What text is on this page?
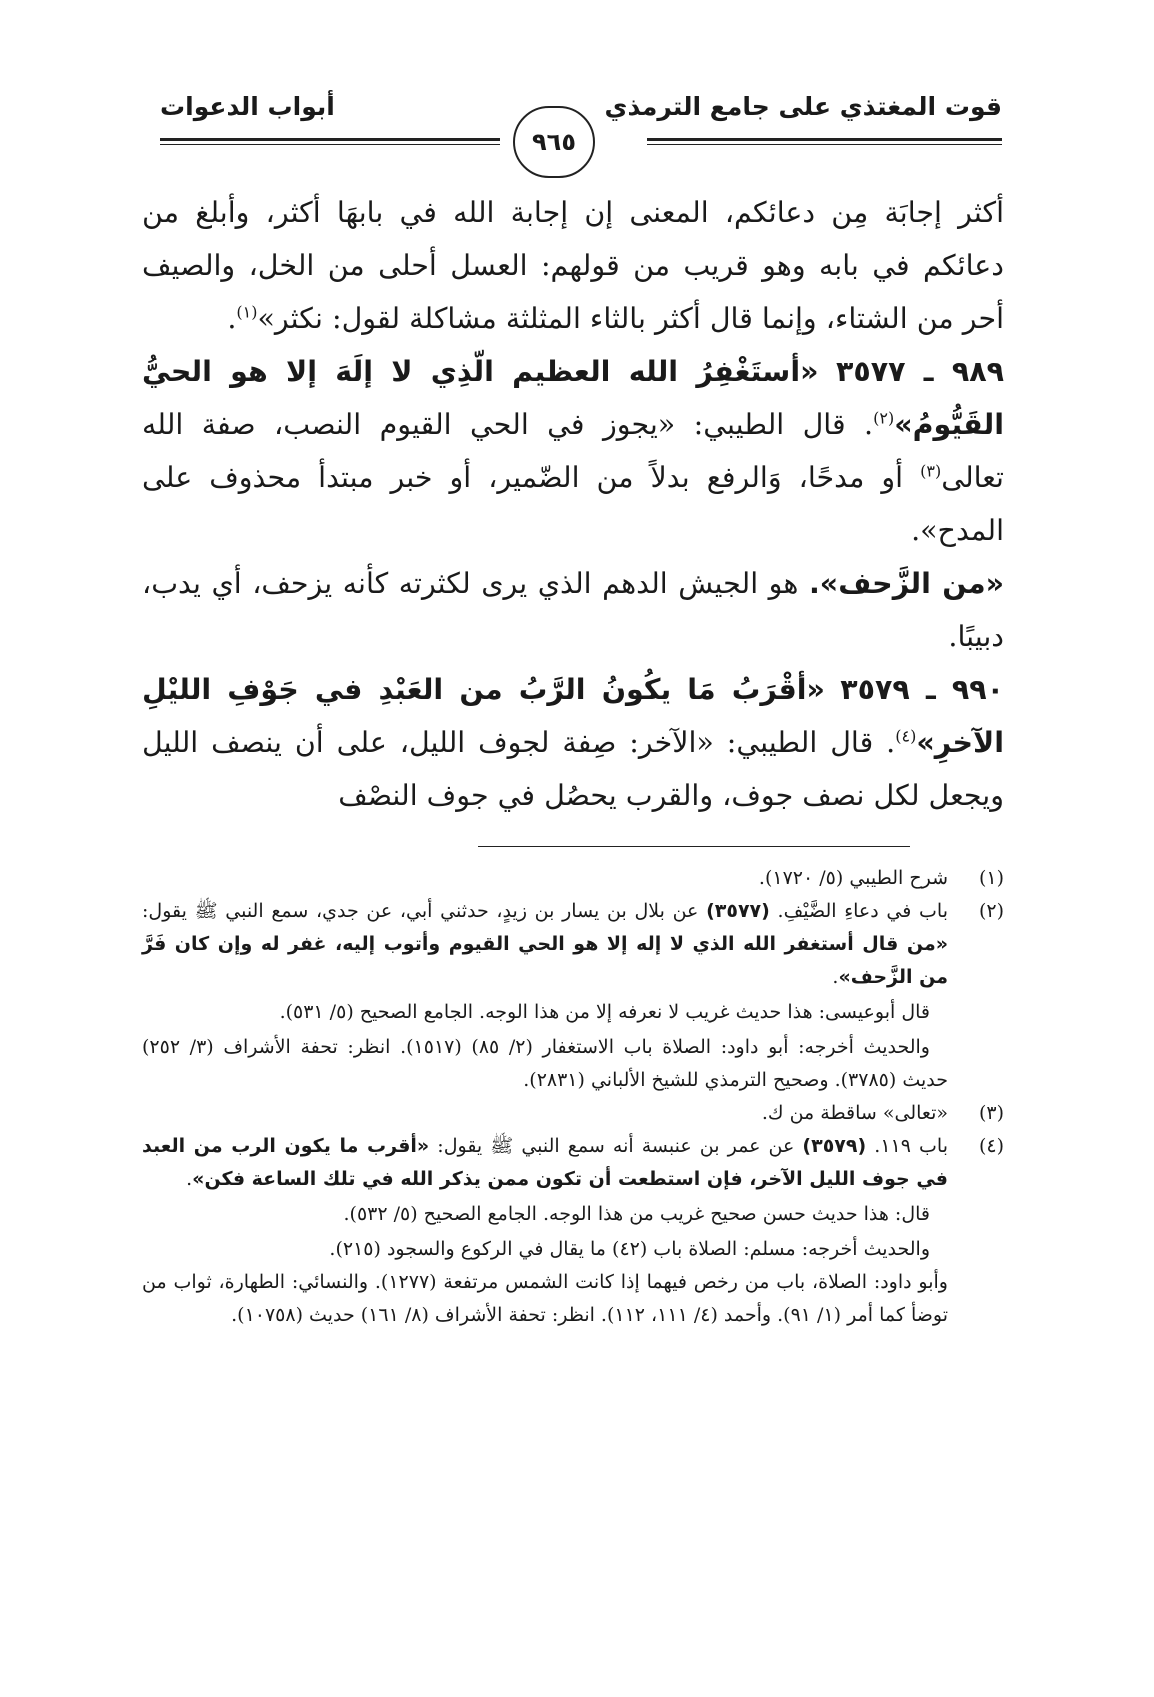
قوت المغتذي على جامع الترمذي
٩٦٥
أبواب الدعوات

أكثر إجابَة مِن دعائكم، المعنى إن إجابة الله في بابهَا أكثر، وأبلغ من دعائكم في بابه وهو قريب من قولهم: العسل أحلى من الخل، والصيف أحر من الشتاء، وإنما قال أكثر بالثاء المثلثة مشاكلة لقول: نكثر»$^{(١)}$.

٩٨٩ ـ ٣٥٧٧ «أستَغْفِرُ الله العظيم الّذِي لا إلَهَ إلا هو الحيُّ القَيُّومُ»$^{(٢)}$. قال الطيبي: «يجوز في الحي القيوم النصب، صفة الله تعالى$^{(٣)}$ أو مدحًا، وَالرفع بدلاً من الضّمير، أو خبر مبتدأ محذوف على المدح».

«من الزَّحف». هو الجيش الدهم الذي يرى لكثرته كأنه يزحف، أي يدب، دبيبًا.

٩٩٠ ـ ٣٥٧٩ «أقْرَبُ مَا يكُونُ الرَّبُ من العَبْدِ في جَوْفِ الليْلِ الآخرِ»$^{(٤)}$. قال الطيبي: «الآخر: صِفة لجوف الليل، على أن ينصف الليل ويجعل لكل نصف جوف، والقرب يحصُل في جوف النصْف

(١)
شرح الطيبي (٥/ ١٧٢٠).
(٢)
باب في دعاءِ الضَّيْفِ. (٣٥٧٧) عن بلال بن يسار بن زيدٍ، حدثني أبي، عن جدي، سمع النبي ﷺ يقول: «من قال أستغفر الله الذي لا إله إلا هو الحي القيوم وأتوب إليه، غفر له وإن كان فَرَّ من الزَّحف».

قال أبوعيسى: هذا حديث غريب لا نعرفه إلا من هذا الوجه. الجامع الصحيح (٥/ ٥٣١).

والحديث أخرجه: أبو داود: الصلاة باب الاستغفار (٢/ ٨٥) (١٥١٧). انظر: تحفة الأشراف (٣/ ٢٥٢) حديث (٣٧٨٥). وصحيح الترمذي للشيخ الألباني (٢٨٣١).

(٣)
«تعالى» ساقطة من ك.
(٤)
باب ١١٩. (٣٥٧٩) عن عمر بن عنبسة أنه سمع النبي ﷺ يقول: «أقرب ما يكون الرب من العبد في جوف الليل الآخر، فإن استطعت أن تكون ممن يذكر الله في تلك الساعة فكن».

قال: هذا حديث حسن صحيح غريب من هذا الوجه. الجامع الصحيح (٥/ ٥٣٢).

والحديث أخرجه: مسلم: الصلاة باب (٤٢) ما يقال في الركوع والسجود (٢١٥).

وأبو داود: الصلاة، باب من رخص فيهما إذا كانت الشمس مرتفعة (١٢٧٧). والنسائي: الطهارة، ثواب من توضأ كما أمر (١/ ٩١). وأحمد (٤/ ١١١، ١١٢). انظر: تحفة الأشراف (٨/ ١٦١) حديث (١٠٧٥٨).
